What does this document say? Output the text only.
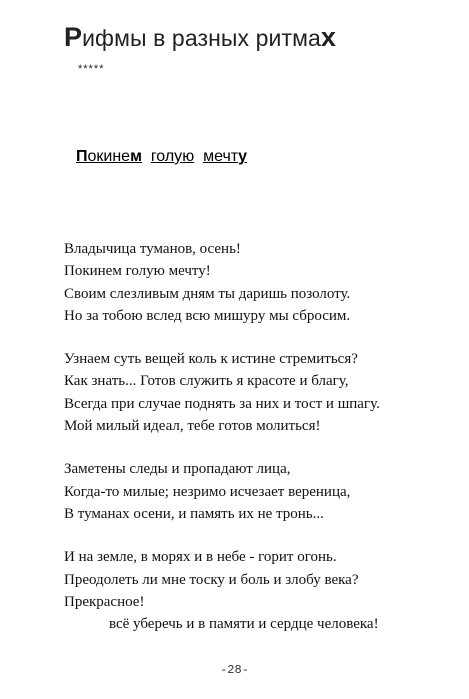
Рифмы в разных ритмах
*****
Покинем голую мечту
Владычица туманов, осень!
Покинем голую мечту!
Своим слезливым дням ты даришь позолоту.
Но за тобою вслед всю мишуру мы сбросим.
Узнаем суть вещей коль к истине стремиться?
Как знать... Готов служить я красоте и благу,
Всегда при случае поднять за них и тост и шпагу.
Мой милый идеал, тебе готов молиться!
Заметены следы и пропадают лица,
Когда-то милые; незримо исчезает вереница,
В туманах осени, и память их не тронь...
И на земле, в морях и в небе - горит огонь.
Преодолеть ли мне тоску и боль и злобу века?
Прекрасное!
всё уберечь и в памяти и сердце человека!
-28-
